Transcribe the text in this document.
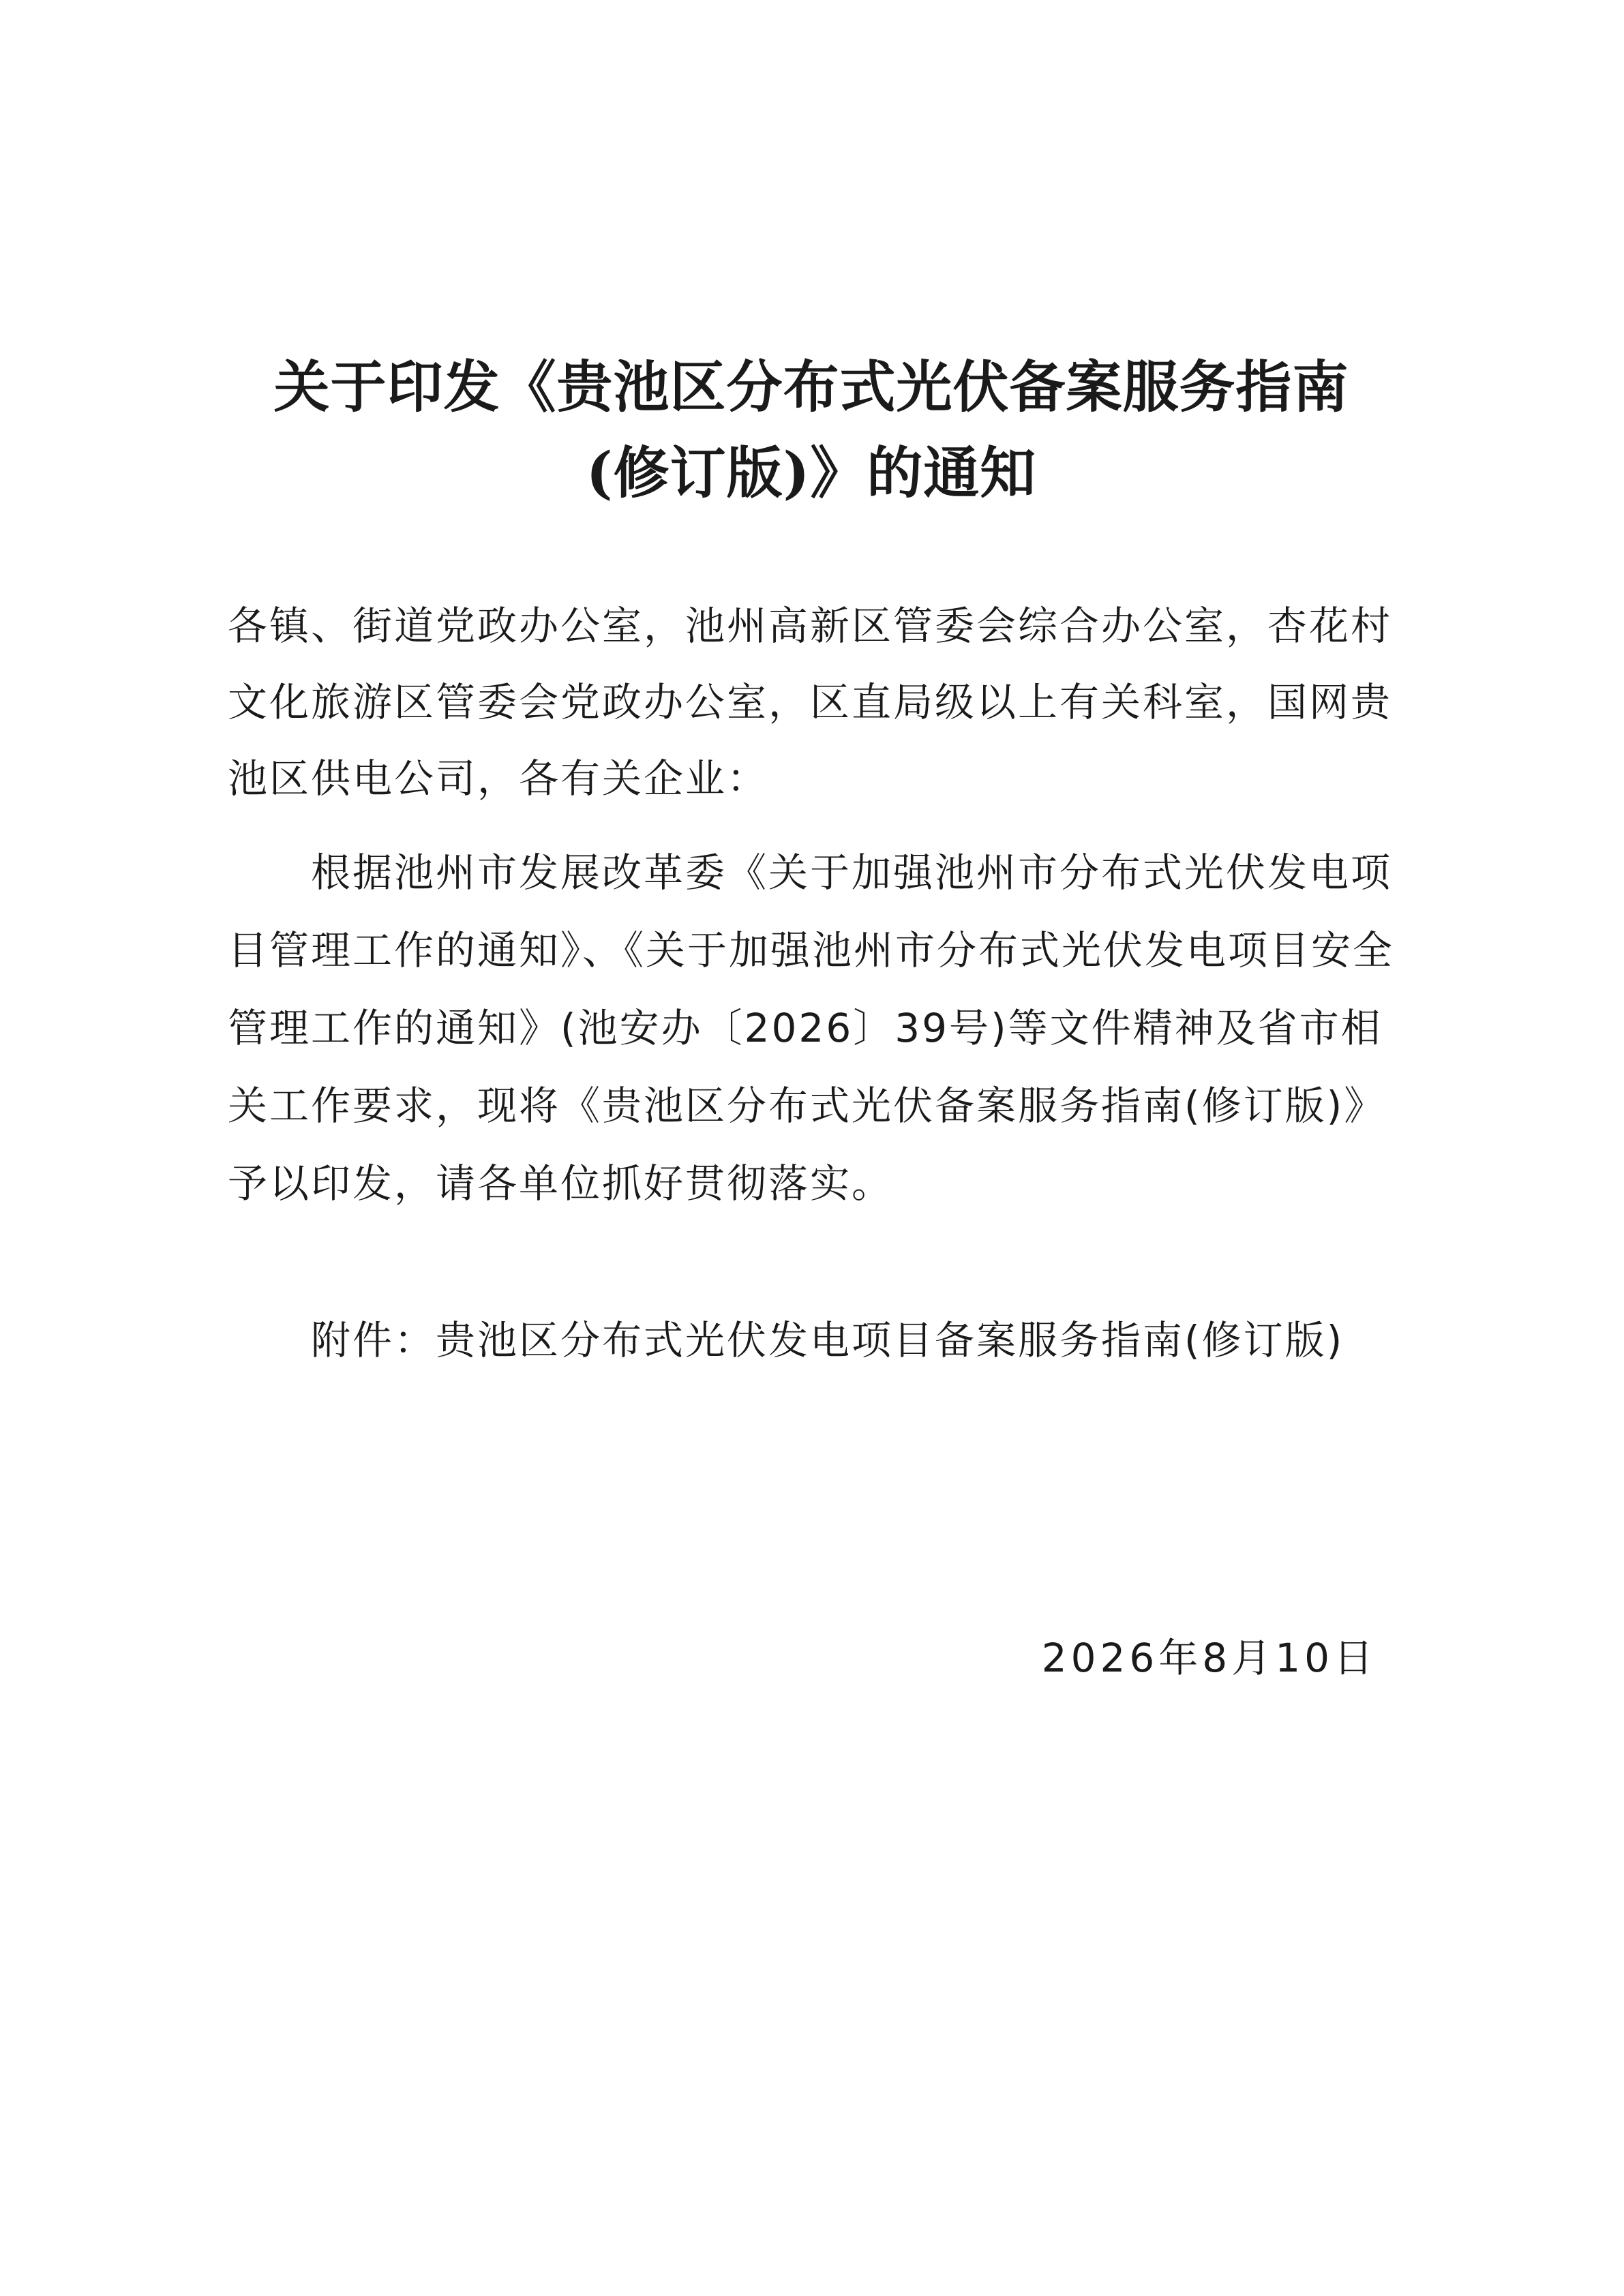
关于印发《贵池区分布式光伏备案服务指南
(修订版)》的通知
各镇、街道党政办公室，池州高新区管委会综合办公室，杏花村
文化旅游区管委会党政办公室，区直局级以上有关科室，国网贵
池区供电公司，各有关企业：
根据池州市发展改革委《关于加强池州市分布式光伏发电项
目管理工作的通知》、《关于加强池州市分布式光伏发电项目安全
管理工作的通知》(池安办〔2026〕39号)等文件精神及省市相
关工作要求，现将《贵池区分布式光伏备案服务指南(修订版)》
予以印发，请各单位抓好贯彻落实。
附件：贵池区分布式光伏发电项目备案服务指南(修订版)
2026年8月10日
